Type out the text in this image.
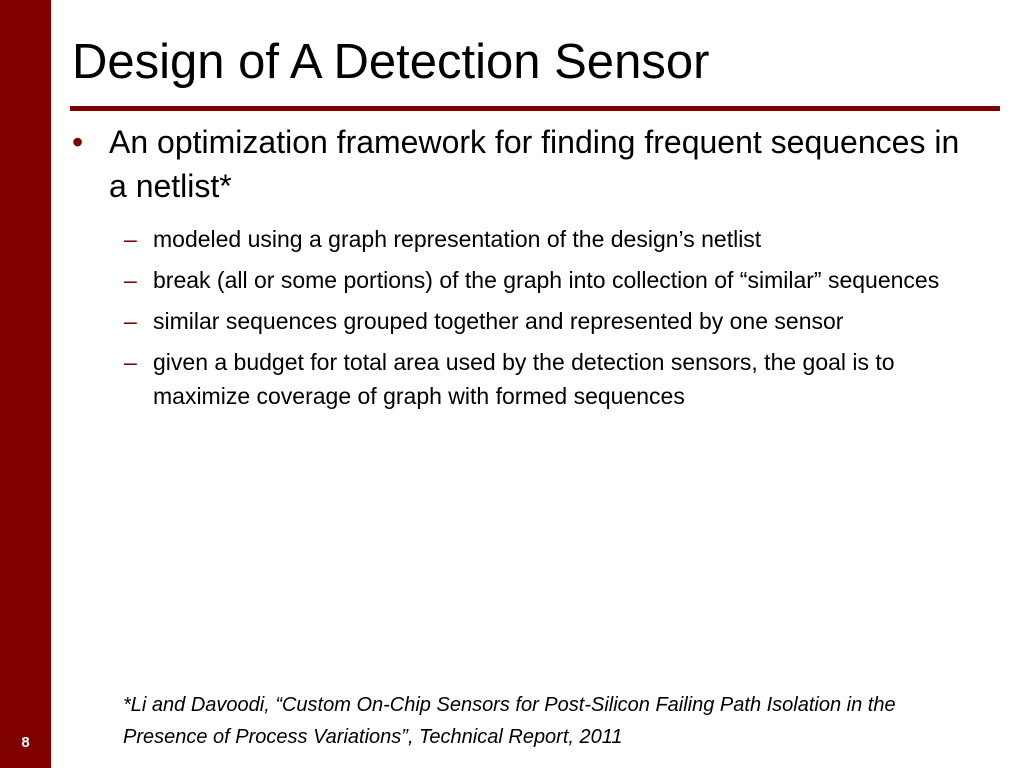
8
Design of A Detection Sensor
• An optimization framework for finding frequent sequences in a netlist*
– modeled using a graph representation of the design’s netlist
– break (all or some portions) of the graph into collection of “similar” sequences
– similar sequences grouped together and represented by one sensor
– given a budget for total area used by the detection sensors, the goal is to maximize coverage of graph with formed sequences
*Li and Davoodi, “Custom On-Chip Sensors for Post-Silicon Failing Path Isolation in the Presence of Process Variations”, Technical Report, 2011
